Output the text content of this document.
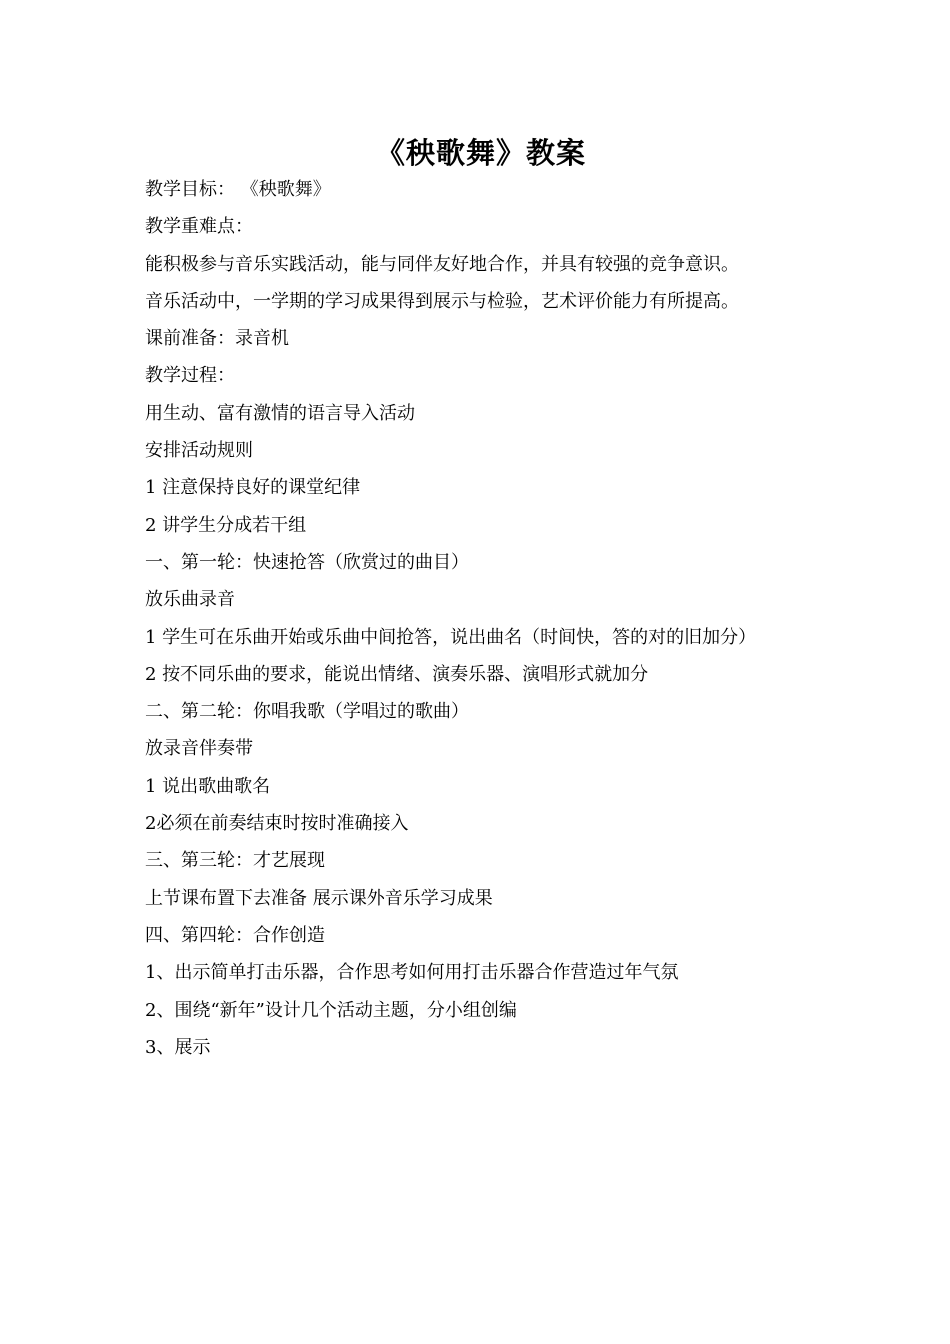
《秧歌舞》教案
教学目标： 《秧歌舞》
教学重难点：
能积极参与音乐实践活动，能与同伴友好地合作，并具有较强的竞争意识。
音乐活动中，一学期的学习成果得到展示与检验，艺术评价能力有所提高。
课前准备：录音机
教学过程：
用生动、富有激情的语言导入活动
安排活动规则
1 注意保持良好的课堂纪律
2 讲学生分成若干组
一、第一轮：快速抢答（欣赏过的曲目）
放乐曲录音
1 学生可在乐曲开始或乐曲中间抢答，说出曲名（时间快，答的对的旧加分）
2 按不同乐曲的要求，能说出情绪、演奏乐器、演唱形式就加分
二、第二轮：你唱我歌（学唱过的歌曲）
放录音伴奏带
1 说出歌曲歌名
2必须在前奏结束时按时准确接入
三、第三轮：才艺展现
上节课布置下去准备 展示课外音乐学习成果
四、第四轮：合作创造
1、出示简单打击乐器，合作思考如何用打击乐器合作营造过年气氛
2、围绕“新年”设计几个活动主题，分小组创编
3、展示
